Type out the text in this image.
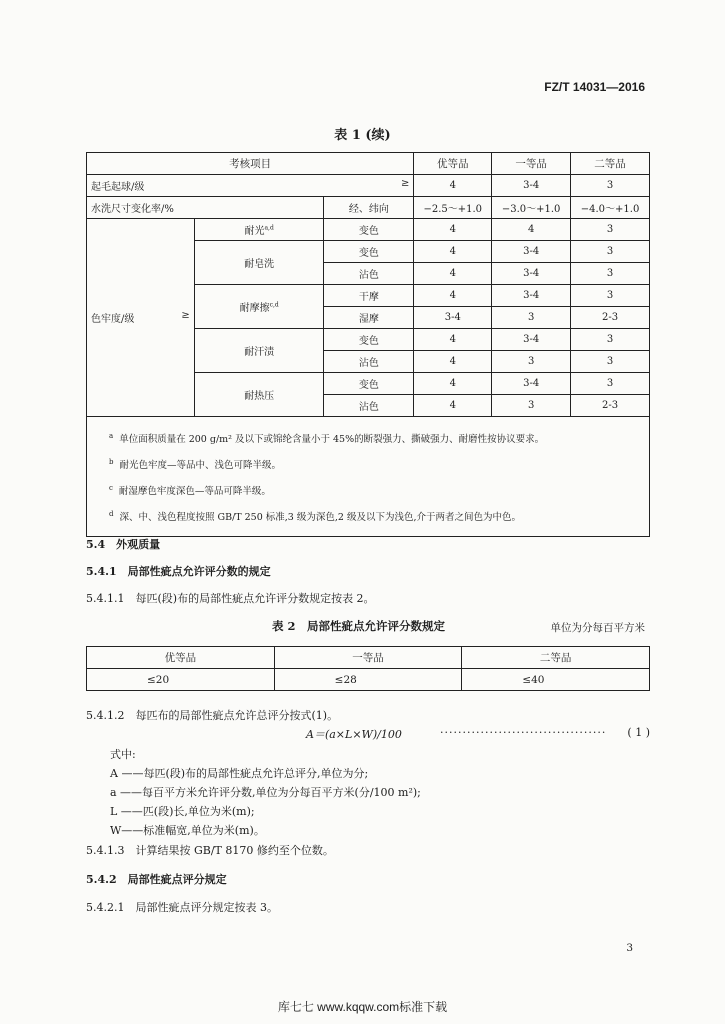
FZ/T 14031—2016
表 1 (续)
考核项目			优等品	一等品	二等品
起毛起球/级 ≥			4	3-4	3
水洗尺寸变化率/%		经、纬向	−2.5～+1.0	−3.0～+1.0	−4.0～+1.0
色牢度/级 ≥	耐光$^{a,d}$	变色	4	4	3
	耐皂洗	变色	4	3-4	3
		沾色	4	3-4	3
	耐摩擦$^{c,d}$	干摩	4	3-4	3
		湿摩	3-4	3	2-3
	耐汗渍	变色	4	3-4	3
		沾色	4	3	3
	耐热压	变色	4	3-4	3
		沾色	4	3	2-3

$^a$ 单位面积质量在 200 g/m² 及以下或锦纶含量小于 45%的断裂强力、撕破强力、耐磨性按协议要求。
$^b$ 耐光色牢度—等品中、浅色可降半级。
$^c$ 耐湿摩色牢度深色—等品可降半级。
$^d$ 深、中、浅色程度按照 GB/T 250 标准,3 级为深色,2 级及以下为浅色,介于两者之间色为中色。					
5.4　外观质量
5.4.1　局部性疵点允许评分数的规定
5.4.1.1　每匹(段)布的局部性疵点允许评分数规定按表 2。
表 2　局部性疵点允许评分数规定	单位为分每百平方米
优等品	一等品	二等品
≤20	≤28	≤40
5.4.1.2　每匹布的局部性疵点允许总评分按式(1)。
A＝(a×L×W)/100	····································· ( 1 )
式中:
A ——每匹(段)布的局部性疵点允许总评分,单位为分;
a ——每百平方米允许评分数,单位为分每百平方米(分/100 m²);
L ——匹(段)长,单位为米(m);
W——标准幅宽,单位为米(m)。
5.4.1.3　计算结果按 GB/T 8170 修约至个位数。
5.4.2　局部性疵点评分规定
5.4.2.1　局部性疵点评分规定按表 3。
3
库七七 www.kqqw.com标准下载
